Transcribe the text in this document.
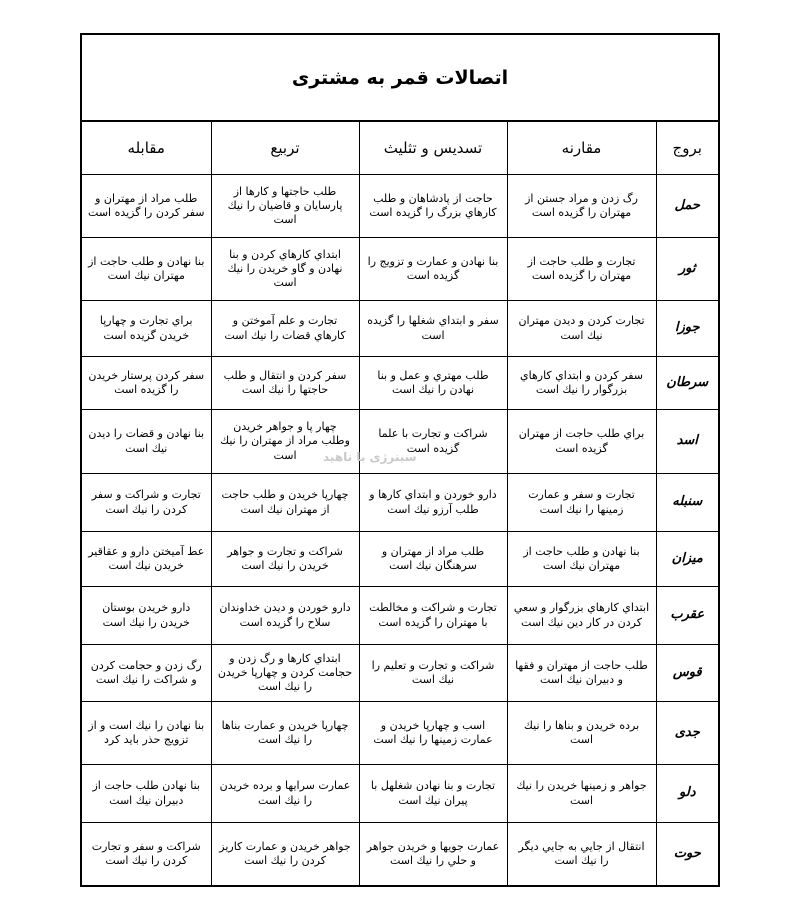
اتصالات قمر به مشتری
بروج	مقارنه	تسدیس و تثلیث	تربیع	مقابله
حمل	رگ زدن و مراد جستن از مهتران را گزیده است	حاجت از پادشاهان و طلب كارهاي بزرگ را گزيده است	طلب حاجتها و كارها از پارسايان و قاضيان را نيك است	طلب مراد از مهتران و سفر كردن را گزيده است
ثور	تجارت و طلب حاجت از مهتران را گزيده است	بنا نهادن و عمارت و تزويج را گزيده است	ابتداي كارهاي كردن و بنا نهادن و گاو خريدن را نيك است	بنا نهادن و طلب حاجت از مهتران نيك است
جوزا	تجارت كردن و ديدن مهتران نيك است	سفر و ابتداي شغلها را گزيده است	تجارت و علم آموختن و كارهاي قضات را نيك است	براي تجارت و چهارپا خريدن گزيده است
سرطان	سفر كردن و ابتداي كارهاي بزرگوار را نيك است	طلب مهتري و عمل و بنا نهادن را نيك است	سفر كردن و انتقال و طلب حاجتها را نيك است	سفر كردن پرستار خريدن را گزيده است
اسد	براي طلب حاجت از مهتران گزيده است	شراكت و تجارت با علما گزيده است	چهار پا و جواهر خريدن وطلب مراد از مهتران را نيك است	بنا نهادن و قضات را ديدن نيك است
سنبله	تجارت و سفر و عمارت زمينها را نيك است	دارو خوردن و ابتداي كارها و طلب آرزو نيك است	چهارپا خريدن و طلب حاجت از مهتران نيك است	تجارت و شراكت و سفر كردن را نيك است
میزان	بنا نهادن و طلب حاجت از مهتران نيك است	طلب مراد از مهتران و سرهنگان نيك است	شراكت و تجارت و جواهر خريدن را نيك است	عط آميختن دارو و عقاقير خريدن نيك است
عقرب	ابتداي كارهاي بزرگوار و سعي كردن در كار دين نيك است	تجارت و شراكت و مخالطت با مهتران را گزيده است	دارو خوردن و ديدن خداوندان سلاح را گزيده است	دارو خريدن بوستان خريدن را نيك است
قوس	طلب حاجت از مهتران و فقها و دبيران نيك است	شراكت و تجارت و تعليم را نيك است	ابتداي كارها و رگ زدن و حجامت كردن و چهارپا خريدن را نيك است	رگ زدن و حجامت كردن و شراكت را نيك است
جدی	برده خريدن و بناها را نيك است	اسب و چهارپا خريدن و عمارت زمينها را نيك است	چهارپا خريدن و عمارت بناها را نيك است	بنا نهادن را نيك است و از تزويج حذر بايد كرد
دلو	جواهر و زمينها خريدن را نيك است	تجارت و بنا نهادن شغلهل با پيران نيك است	عمارت سرايها و برده خريدن را نيك است	بنا نهادن طلب حاجت از دبيران نيك است
حوت	انتقال از جايي به جايي ديگر را نيك است	عمارت جويها و خريدن جواهر و حلي را نيك است	جواهر خريدن و عمارت كاريز كردن را نيك است	شراكت و سفر و تجارت كردن را نيك است
سینرژی با ناهید
